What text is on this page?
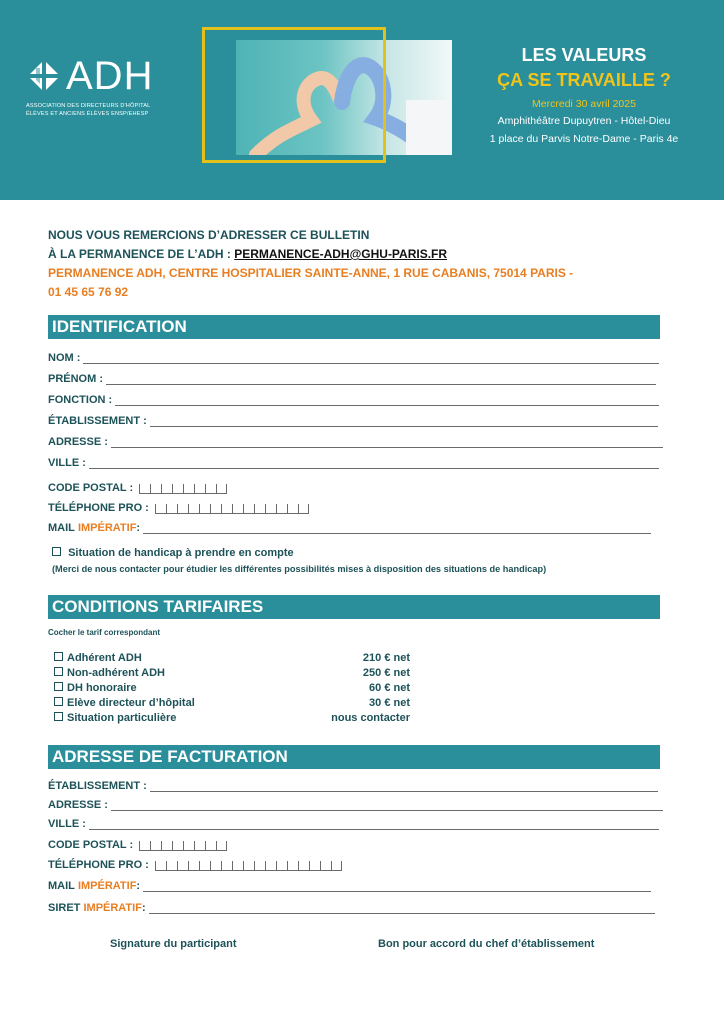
ADH
ASSOCIATION DES DIRECTEURS D'HÔPITAL
ÉLÈVES ET ANCIENS ÉLÈVES ENSP/EHESP
LES VALEURS
ÇA SE TRAVAILLE ?
Mercredi 30 avril 2025
Amphithéâtre Dupuytren - Hôtel-Dieu
1 place du Parvis Notre-Dame - Paris 4e
NOUS VOUS REMERCIONS D’ADRESSER CE BULLETIN
À LA PERMANENCE DE L’ADH : PERMANENCE-ADH@GHU-PARIS.FR
PERMANENCE ADH, CENTRE HOSPITALIER SAINTE-ANNE, 1 RUE CABANIS, 75014 PARIS -
01 45 65 76 92
IDENTIFICATION
NOM :
PRÉNOM :
FONCTION :
ÉTABLISSEMENT :
ADRESSE :
VILLE :
CODE POSTAL :
TÉLÉPHONE PRO :
MAIL
IMPÉRATIF :
Situation de handicap à prendre en compte
(Merci de nous contacter pour étudier les différentes possibilités mises à disposition des situations de handicap)
CONDITIONS TARIFAIRES
Cocher le tarif correspondant
Adhérent ADH	210 € net
Non-adhérent ADH	250 € net
DH honoraire	60 € net
Elève directeur d’hôpital	30 € net
Situation particulière	nous contacter
ADRESSE DE FACTURATION
ÉTABLISSEMENT :
ADRESSE :
VILLE :
CODE POSTAL :
TÉLÉPHONE PRO :
MAIL
IMPÉRATIF :
SIRET
IMPÉRATIF :
Signature du participant	Bon pour accord du chef d’établissement
